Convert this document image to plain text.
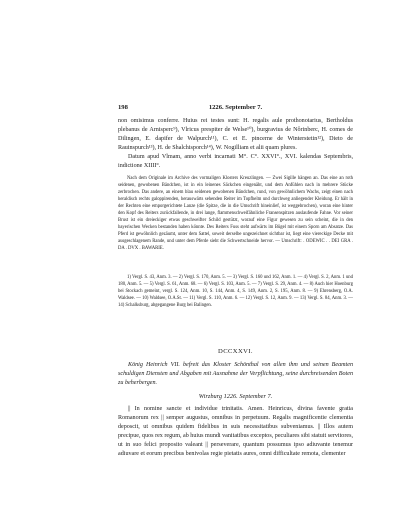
198	1226. September 7.

non omisimus conferre. Huius rei testes sunt: H. regalis aule prothonotarius, Bertholdus plebanus de Arnisperc⁹), Vlricus prespiter de Welse¹⁰), burgravius de Nôrinberc, H. comes de Dilingen, E. dapifer de Walpurch¹¹), C. et E. pincerne de Winterstetin¹²), Dieto de Rauinspurch¹³), H. de Shalchisporch¹⁴), W. Nogilliam et alii quam plures.

Datum apud Vlmam, anno verbi incarnati M°. C°. XXVI°., XVI. kalendas Septembris, indictione XIIII°.

Nach dem Originale im Archive des vormaligen Klosters Kreuzlingen. — Zwei Sigille hängen an. Das eine an roth seidenen, gewobenen Bändchen, ist in ein leinenes Säckchen eingenäht, und dem Anfühlen nach in mehrere Stücke zerbrochen. Das andere, an einem blau seidenen gewobenen Bändchen, rund, von gewöhnlichem Wachs, zeigt einen nach heraldisch rechts galoppirenden, herauswärts sehenden Reiter im Topfhelm und durchweg anliegender Kleidung. Er hält in der Rechten eine emporgerichtete Lanze (die Spitze, die in die Umschrift hineinlief, ist weggebrochen), woran eine hinter den Kopf des Reiters zurückfallende, in drei lange, flammenschweifähnliche Fransenspitzen auslaufende Fahne. Vor seiner Brust ist ein dreieckiger etwas geschweifter Schild gestützt, worauf eine Figur gewesen zu sein scheint, die in den bayerischen Wecken bestanden haben könnte. Des Reiters Fuss steht aufwärts im Bügel mit einem Sporn am Absatze. Das Pferd ist gewöhnlich gezäumt, unter dem Sattel, soweit derselbe ungezeichnet sichtbar ist, liegt eine viereckige Decke mit ausgeschlagenem Rande, und unter dem Pferde sieht die Schwertschneide hervor. — Umschrift: . ODEWIC . . DEI GRA . DA . DVX . BAWARIE.

1) Vergl. S. 43, Anm. 3. — 2) Vergl. S. 170, Anm. 5. — 3) Vergl. S. 160 und 162, Anm. 1. — 4) Vergl. S. 2, Anm. 1 und 180, Anm. 5. — 5) Vergl. S. 61, Anm. 68. — 6) Vergl. S. 103, Anm. 5. — 7) Vergl. S. 29, Anm. 4. — 8) Auch hier Hoenburg bei Stockach gemeint, vergl. S. 124, Anm. 10, S. 144, Anm. 4, S. 149, Anm. 2, S. 195, Anm. 8. — 9) Ehrensberg, O.A. Waldsee. — 10) Waldsee, O.A.St. — 11) Vergl. S. 110, Anm. 6. — 12) Vergl. S. 12, Anm. 9. — 13) Vergl. S. 84, Anm. 3. — 14) Schalksburg, abgegangene Burg bei Balingen.

DCCXXVI.

König Heinrich VII. befreit das Kloster Schönthal von allen ihm und seinen Beamten schuldigen Diensten und Abgaben mit Ausnahme der Verpflichtung, seine durchreisenden Boten zu beherbergen.

Wirzburg 1226. September 7.

|| In nomine sancte et individue trinitatis. Amen. Heinricus, divina favente gratia Romanorum rex || semper augustus, omnibus in perpetuum. Regalis magnificentie clementia deposcit, ut omnibus quidem fidelibus in suis necessitatibus subveniamus. || Illos autem precipue, quos rex regum, ab huius mundi vanitatibus exceptos, peculiares sibi statuit servitores, ut in suo felici proposito valeant || perseverare, quantum possumus ipso adiuvante tenemur adiuvare et eorum precibus benivolas regie pietatis aures, omni difficultate remota, clementer
